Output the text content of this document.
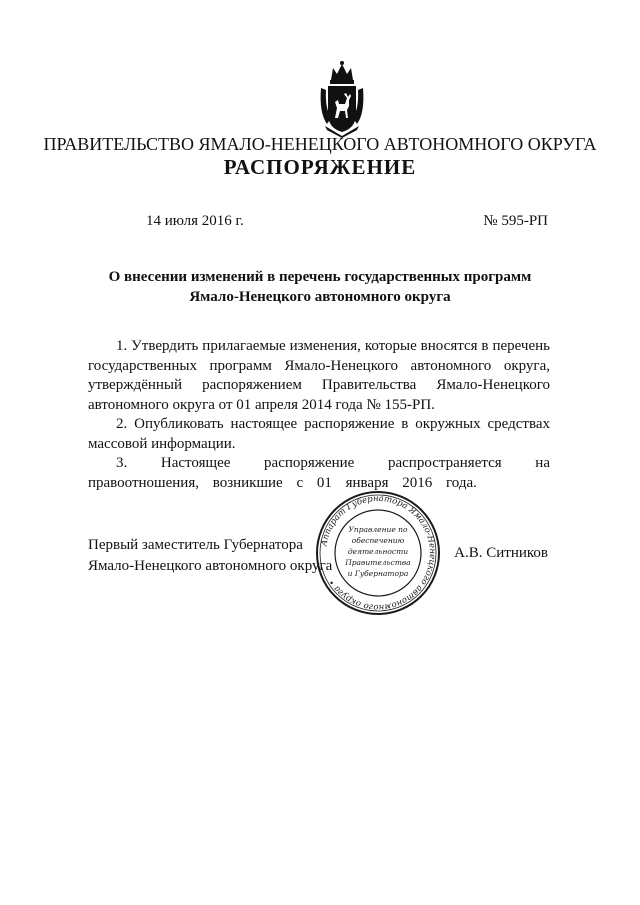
ПРАВИТЕЛЬСТВО ЯМАЛО-НЕНЕЦКОГО АВТОНОМНОГО ОКРУГА
РАСПОРЯЖЕНИЕ
14 июля 2016 г.	№ 595-РП
О внесении изменений в перечень государственных программ
Ямало-Ненецкого автономного округа

1. Утвердить прилагаемые изменения, которые вносятся в перечень государственных программ Ямало-Ненецкого автономного округа, утверждённый распоряжением Правительства Ямало-Ненецкого автономного округа от 01 апреля 2014 года № 155-РП.

2. Опубликовать настоящее распоряжение в окружных средствах массовой информации.

3. Настоящее распоряжение распространяется на правоотношения, возникшие с 01 января 2016 года.

Первый заместитель Губернатора
Ямало-Ненецкого автономного округа
Аппарат Губернатора Ямало-Ненецкого автономного округа •
Управление по
обеспечению
деятельности
Правительства
и Губернатора
А.В. Ситников
